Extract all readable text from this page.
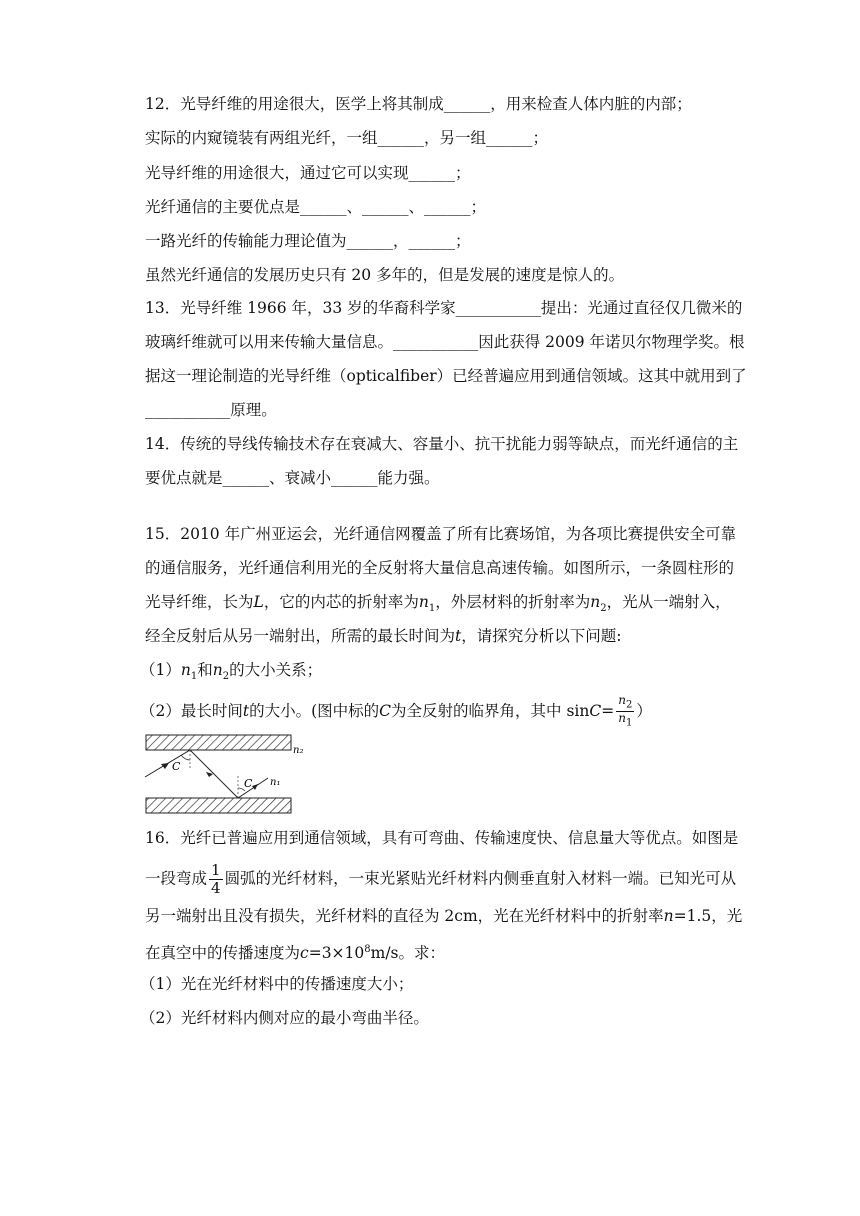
12．光导纤维的用途很大，医学上将其制成______，用来检查人体内脏的内部；
实际的内窥镜装有两组光纤，一组______，另一组______；
光导纤维的用途很大，通过它可以实现______；
光纤通信的主要优点是______、______、______；
一路光纤的传输能力理论值为______，______；
虽然光纤通信的发展历史只有 20 多年的，但是发展的速度是惊人的。
13．光导纤维 1966 年，33 岁的华裔科学家___________提出：光通过直径仅几微米的
玻璃纤维就可以用来传输大量信息。___________因此获得 2009 年诺贝尔物理学奖。根
据这一理论制造的光导纤维（opticalfiber）已经普遍应用到通信领域。这其中就用到了
___________原理。
14．传统的导线传输技术存在衰减大、容量小、抗干扰能力弱等缺点，而光纤通信的主
要优点就是______、衰减小______能力强。
15．2010 年广州亚运会，光纤通信网覆盖了所有比赛场馆，为各项比赛提供安全可靠
的通信服务，光纤通信利用光的全反射将大量信息高速传输。如图所示，一条圆柱形的
光导纤维，长为L，它的内芯的折射率为$n_1$，外层材料的折射率为$n_2$，光从一端射入，
经全反射后从另一端射出，所需的最长时间为t，请探究分析以下问题:
$(1)n_1$和$n_2$的大小关系；
（2）最长时间t的大小。(图中标的C为全反射的临界角，其中 $\sin C= \frac{n_2}{n_1}$ ）
C
C
n₂
n₁
16．光纤已普遍应用到通信领域，具有可弯曲、传输速度快、信息量大等优点。如图是
一段弯成 $\frac{1}{4}$ 圆弧的光纤材料，一束光紧贴光纤材料内侧垂直射入材料一端。已知光可从
另一端射出且没有损失，光纤材料的直径为 2cm，光在光纤材料中的折射率n=1.5，光
在真空中的传播速度为$c=3\times 10^8m/s$。求：
（1）光在光纤材料中的传播速度大小；
（2）光纤材料内侧对应的最小弯曲半径。
